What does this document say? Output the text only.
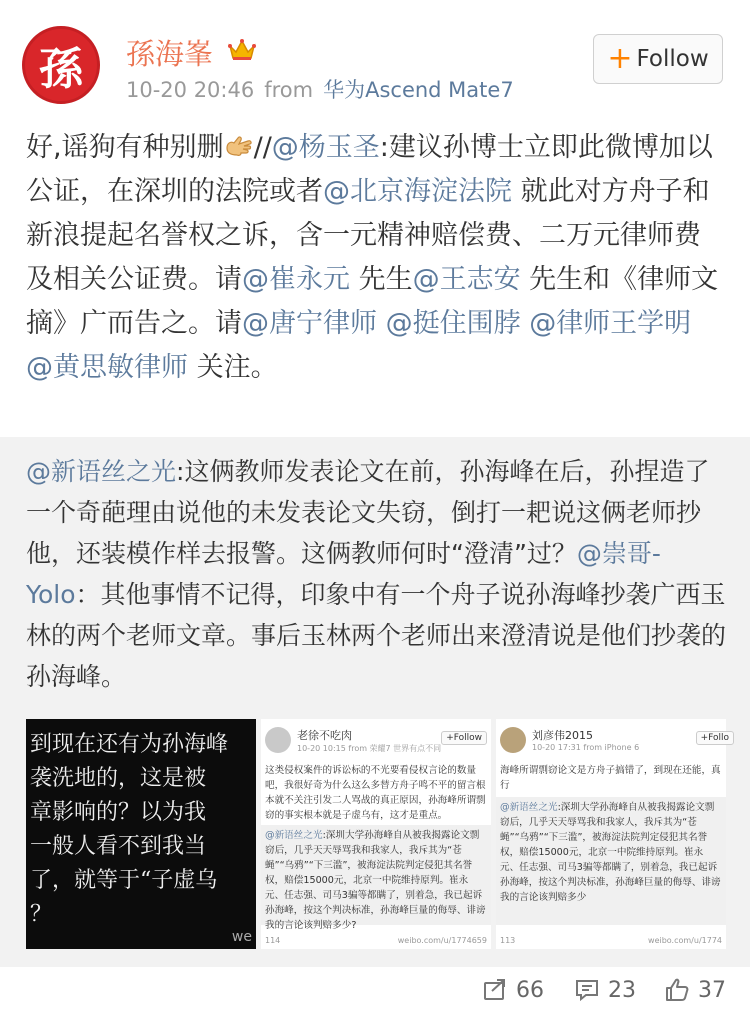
孫 孫海峯
10-20 20:46 from 华为Ascend Mate7
+ Follow
好,谣狗有种别删 //@杨玉圣:建议孙博士立即此微博加以公证，在深圳的法院或者@北京海淀法院 就此对方舟子和新浪提起名誉权之诉，含一元精神赔偿费、二万元律师费及相关公证费。请@崔永元 先生@王志安 先生和《律师文摘》广而告之。请@唐宁律师 @挺住围脖 @律师王学明 @黄思敏律师 关注。
@新语丝之光:这俩教师发表论文在前，孙海峰在后，孙捏造了一个奇葩理由说他的未发表论文失窃，倒打一耙说这俩老师抄他，还装模作样去报警。这俩教师何时“澄清”过？@崇哥-Yolo：其他事情不记得，印象中有一个舟子说孙海峰抄袭广西玉林的两个老师文章。事后玉林两个老师出来澄清说是他们抄袭的孙海峰。
到现在还有为孙海峰
袭洗地的，这是被
章影响的？以为我
一般人看不到我当
了，就等于“子虚乌
？
we
老徐不吃肉
10-20 10:15 from 荣耀7 世界有点不同
+Follow
这类侵权案件的诉讼标的不光要看侵权言论的数量吧，我很好奇为什么这么多替方舟子鸣不平的留言根本就不关注引发二人骂战的真正原因，孙海峰所谓剽窃的事实根本就是子虚乌有，这才是重点。
@新语丝之光:深圳大学孙海峰自从被我揭露论文剽窃后，几乎天天辱骂我和我家人，我斥其为“苍蝇”“乌鸦”“下三滥”，被海淀法院判定侵犯其名誉权，赔偿15000元，北京一中院维持原判。崔永元、任志强、司马3骗等都瞒了，别着急，我已起诉孙海峰，按这个判决标准，孙海峰巨量的侮辱、诽谤我的言论该判赔多少?
114	weibo.com/u/1774659
刘彦伟2015
10-20 17:31 from iPhone 6
+Follo
海峰所谓剽窃论文是方舟子搞错了，到现在还能，真行
@新语丝之光:深圳大学孙海峰自从被我揭露论文剽窃后，几乎天天辱骂我和我家人，我斥其为“苍蝇”“乌鸦”“下三滥”，被海淀法院判定侵犯其名誉权，赔偿15000元，北京一中院维持原判。崔永元、任志强、司马3骗等都瞒了，别着急，我已起诉孙海峰，按这个判决标准，孙海峰巨量的侮辱、诽谤我的言论该判赔多少
113	weibo.com/u/1774
66	23	37
